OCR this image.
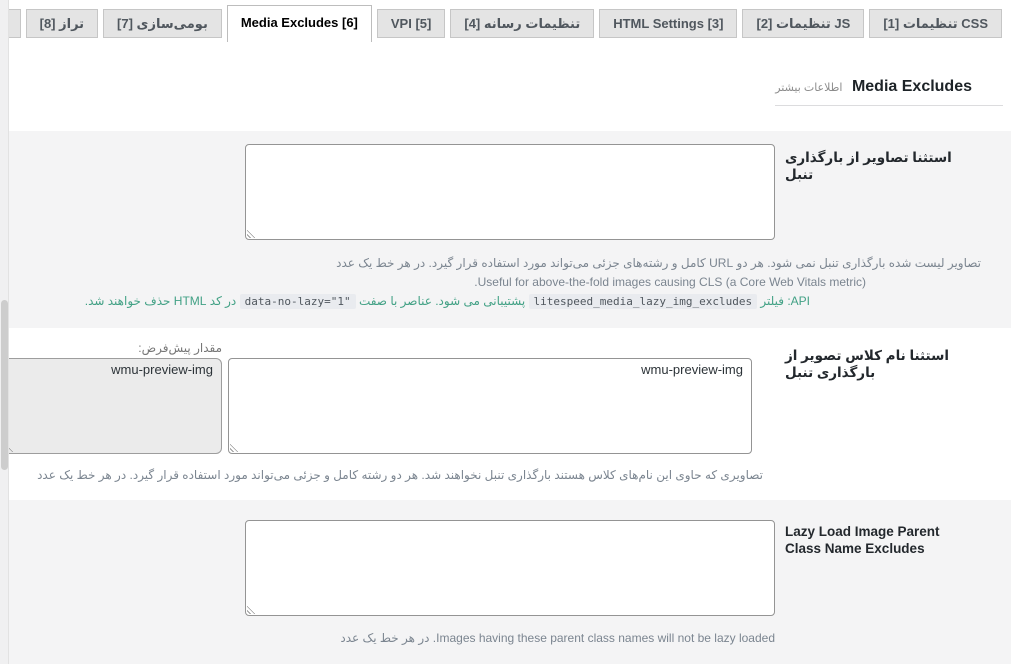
[1] تنظیمات CSS
[2] تنظیمات JS
HTML Settings [3]
[4] تنظیمات رسانه
VPI [5]
Media Excludes [6]
[7] بومی‌سازی
[8] تراز
Media Excludes اطلاعات بیشتر
استثنا تصاویر از بارگذاری تنبل
تصاویر لیست شده بارگذاری تنبل نمی شود. هر دو URL کامل و رشته‌های جزئی می‌تواند مورد استفاده قرار گیرد. در هر خط یک عدد
Useful for above-the-fold images causing CLS (a Core Web Vitals metric).
API: فیلتر litespeed_media_lazy_img_excludes پشتیبانی می شود. عناصر با صفت data-no-lazy="1" در کد HTML حذف خواهند شد.
استثنا نام کلاس تصویر از بارگذاری تنبل
wmu-preview-img
مقدار پیش‌فرض:
wmu-preview-img
تصاویری که حاوی این نام‌های کلاس هستند بارگذاری تنبل نخواهند شد. هر دو رشته کامل و جزئی می‌تواند مورد استفاده قرار گیرد. در هر خط یک عدد
Lazy Load Image Parent Class Name Excludes
Images having these parent class names will not be lazy loaded. در هر خط یک عدد
